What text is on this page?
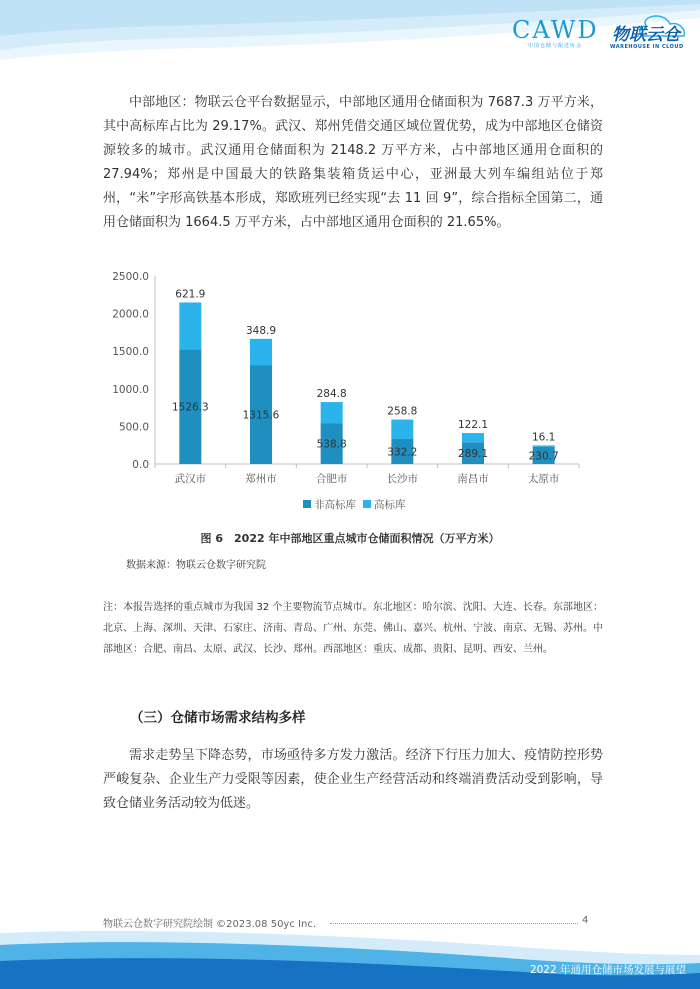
CAWD
中国仓储与配送协会
物联云仓
WAREHOUSE IN CLOUD

中部地区：物联云仓平台数据显示，中部地区通用仓储面积为 7687.3 万平方米，其中高标库占比为 29.17%。武汉、郑州凭借交通区域位置优势，成为中部地区仓储资源较多的城市。武汉通用仓储面积为 2148.2 万平方米，占中部地区通用仓面积的 27.94%；郑州是中国最大的铁路集装箱货运中心，亚洲最大列车编组站位于郑州，“米”字形高铁基本形成，郑欧班列已经实现“去 11 回 9”，综合指标全国第二，通用仓储面积为 1664.5 万平方米，占中部地区通用仓面积的 21.65%。

0.0
500.0
1000.0
1500.0
2000.0
2500.0
1526.3
621.9
武汉市
1315.6
348.9
郑州市
538.8
284.8
合肥市
332.2
258.8
长沙市
289.1
122.1
南昌市
230.7
16.1
太原市
非高标库 高标库
图 6　2022 年中部地区重点城市仓储面积情况（万平方米）
数据来源：物联云仓数字研究院

注：本报告选择的重点城市为我国 32 个主要物流节点城市。东北地区：哈尔滨、沈阳、大连、长春。东部地区：北京、上海、深圳、天津、石家庄、济南、青岛、广州、东莞、佛山、嘉兴、杭州、宁波、南京、无锡、苏州。中部地区：合肥、南昌、太原、武汉、长沙、郑州。西部地区：重庆、成都、贵阳、昆明、西安、兰州。

（三）仓储市场需求结构多样

需求走势呈下降态势，市场亟待多方发力激活。经济下行压力加大、疫情防控形势严峻复杂、企业生产力受限等因素，使企业生产经营活动和终端消费活动受到影响，导致仓储业务活动较为低迷。

物联云仓数字研究院绘制 ©2023.08 50yc Inc.	4
2022 年通用仓储市场发展与展望
